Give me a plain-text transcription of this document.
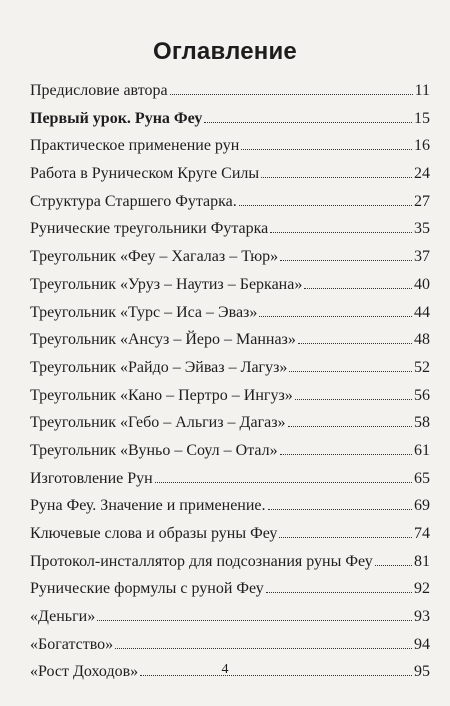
Оглавление
Предисловие автора	11
Первый урок. Руна Феу	15
Практическое применение рун	16
Работа в Руническом Круге Силы	24
Структура Старшего Футарка.	27
Рунические треугольники Футарка	35
Треугольник «Феу – Хагалаз – Тюр»	37
Треугольник «Уруз – Наутиз – Беркана»	40
Треугольник «Турс – Иса – Эваз»	44
Треугольник «Ансуз – Йеро – Манназ»	48
Треугольник «Райдо – Эйваз – Лагуз»	52
Треугольник «Кано – Пертро – Ингуз»	56
Треугольник «Гебо – Альгиз – Дагаз»	58
Треугольник «Вуньо – Соул – Отал»	61
Изготовление Рун	65
Руна Феу. Значение и применение.	69
Ключевые слова и образы руны Феу	74
Протокол-инсталлятор для подсознания руны Феу	81
Рунические формулы с руной Феу	92
«Деньги»	93
«Богатство»	94
«Рост Доходов»	95
4
